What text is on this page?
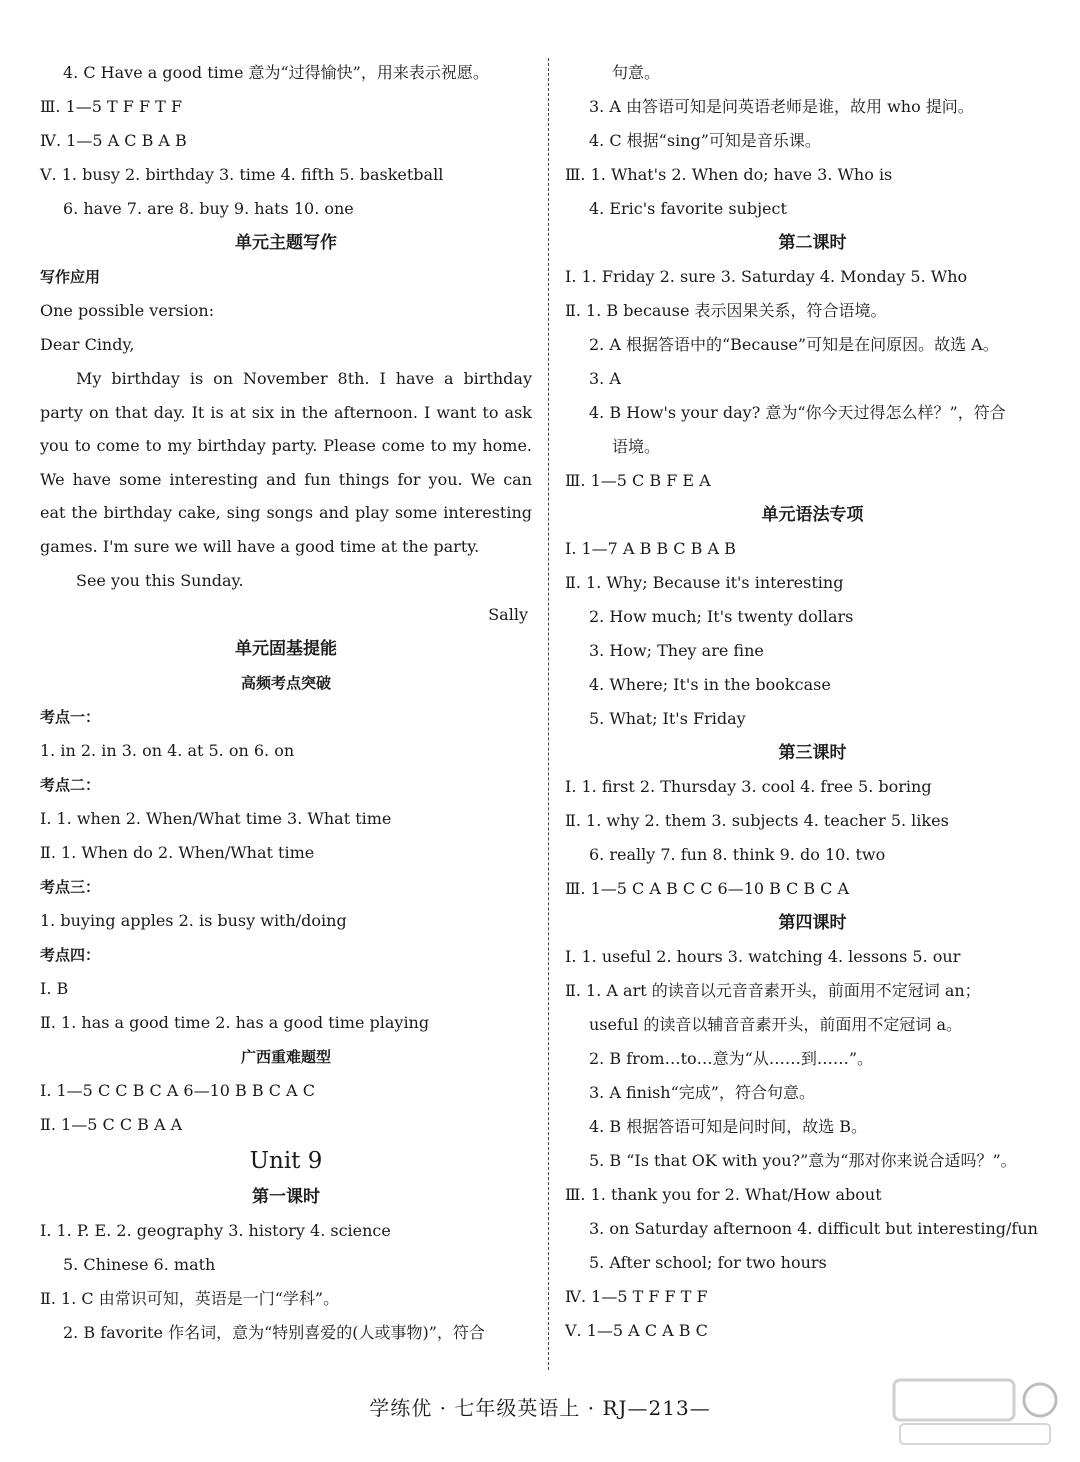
4. C Have a good time 意为“过得愉快”，用来表示祝愿。
Ⅲ. 1—5 T F F T F
Ⅳ. 1—5 A C B A B
Ⅴ. 1. busy 2. birthday 3. time 4. fifth 5. basketball
6. have 7. are 8. buy 9. hats 10. one
单元主题写作
写作应用
One possible version:
Dear Cindy,

My birthday is on November 8th. I have a birthday party on that day. It is at six in the afternoon. I want to ask you to come to my birthday party. Please come to my home. We have some interesting and fun things for you. We can eat the birthday cake, sing songs and play some interesting games. I'm sure we will have a good time at the party.

See you this Sunday.
Sally
单元固基提能
高频考点突破
考点一：
1. in 2. in 3. on 4. at 5. on 6. on
考点二：
Ⅰ. 1. when 2. When/What time 3. What time
Ⅱ. 1. When do 2. When/What time
考点三：
1. buying apples 2. is busy with/doing
考点四：
Ⅰ. B
Ⅱ. 1. has a good time 2. has a good time playing
广西重难题型
Ⅰ. 1—5 C C B C A 6—10 B B C A C
Ⅱ. 1—5 C C B A A
Unit 9
第一课时
Ⅰ. 1. P. E. 2. geography 3. history 4. science
5. Chinese 6. math
Ⅱ. 1. C 由常识可知，英语是一门“学科”。
2. B favorite 作名词，意为“特别喜爱的(人或事物)”，符合
句意。
3. A 由答语可知是问英语老师是谁，故用 who 提问。
4. C 根据“sing”可知是音乐课。
Ⅲ. 1. What's 2. When do; have 3. Who is
4. Eric's favorite subject
第二课时
Ⅰ. 1. Friday 2. sure 3. Saturday 4. Monday 5. Who
Ⅱ. 1. B because 表示因果关系，符合语境。
2. A 根据答语中的“Because”可知是在问原因。故选 A。
3. A
4. B How's your day? 意为“你今天过得怎么样？”，符合
语境。
Ⅲ. 1—5 C B F E A
单元语法专项
Ⅰ. 1—7 A B B C B A B
Ⅱ. 1. Why; Because it's interesting
2. How much; It's twenty dollars
3. How; They are fine
4. Where; It's in the bookcase
5. What; It's Friday
第三课时
Ⅰ. 1. first 2. Thursday 3. cool 4. free 5. boring
Ⅱ. 1. why 2. them 3. subjects 4. teacher 5. likes
6. really 7. fun 8. think 9. do 10. two
Ⅲ. 1—5 C A B C C 6—10 B C B C A
第四课时
Ⅰ. 1. useful 2. hours 3. watching 4. lessons 5. our
Ⅱ. 1. A art 的读音以元音音素开头，前面用不定冠词 an；
useful 的读音以辅音音素开头，前面用不定冠词 a。
2. B from…to…意为“从……到……”。
3. A finish“完成”，符合句意。
4. B 根据答语可知是问时间，故选 B。
5. B “Is that OK with you?”意为“那对你来说合适吗？”。
Ⅲ. 1. thank you for 2. What/How about
3. on Saturday afternoon 4. difficult but interesting/fun
5. After school; for two hours
Ⅳ. 1—5 T F F T F
Ⅴ. 1—5 A C A B C
学练优 · 七年级英语上 · RJ—213—
